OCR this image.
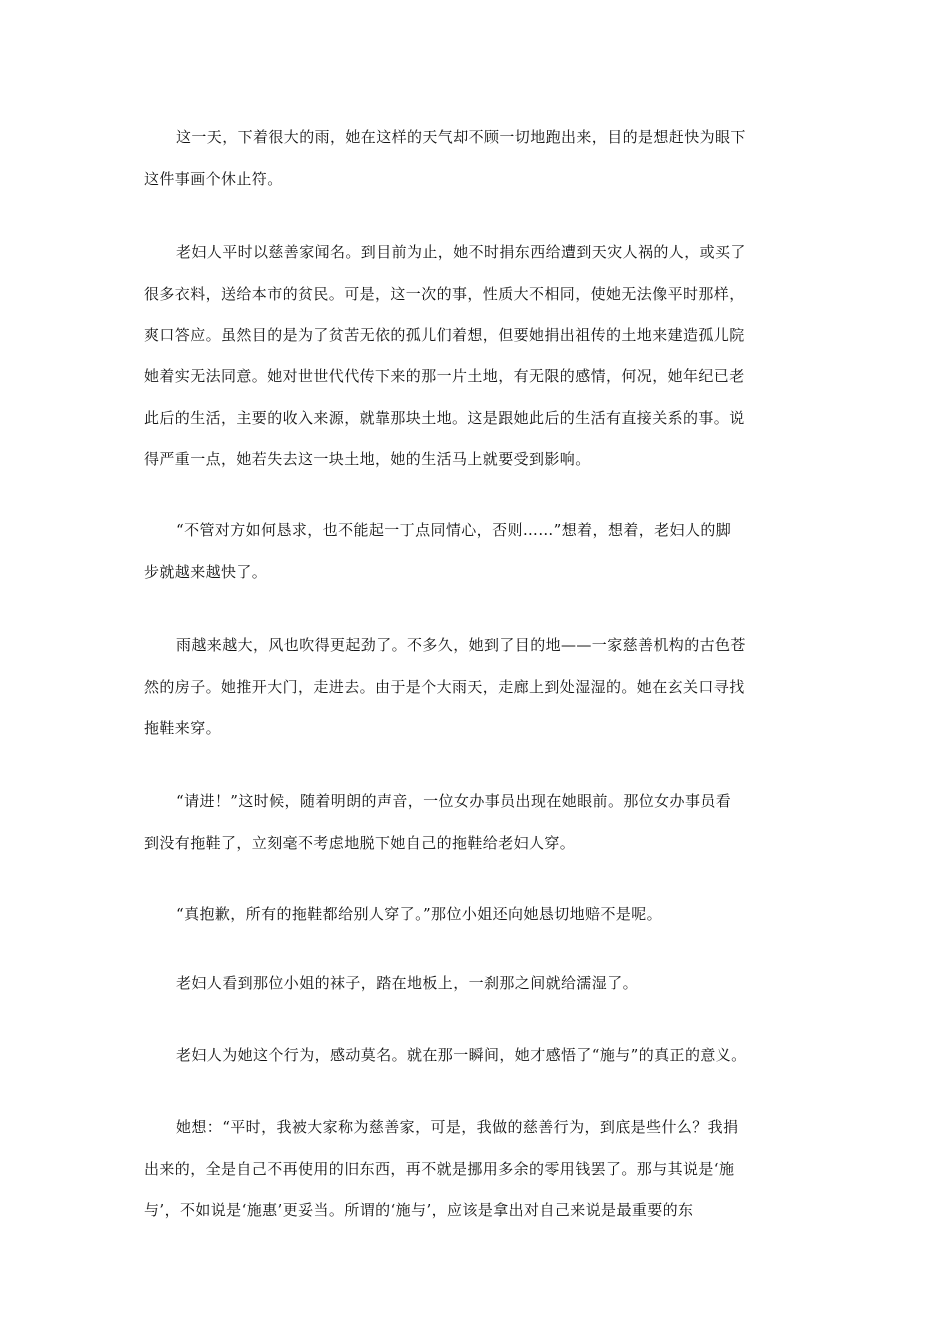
这一天，下着很大的雨，她在这样的天气却不顾一切地跑出来，目的是想赶快为眼下
这件事画个休止符。
老妇人平时以慈善家闻名。到目前为止，她不时捐东西给遭到天灾人祸的人，或买了
很多衣料，送给本市的贫民。可是，这一次的事，性质大不相同，使她无法像平时那样，
爽口答应。虽然目的是为了贫苦无依的孤儿们着想，但要她捐出祖传的土地来建造孤儿院
她着实无法同意。她对世世代代传下来的那一片土地，有无限的感情，何况，她年纪已老
此后的生活，主要的收入来源，就靠那块土地。这是跟她此后的生活有直接关系的事。说
得严重一点，她若失去这一块土地，她的生活马上就要受到影响。
“不管对方如何恳求，也不能起一丁点同情心，否则……”想着，想着，老妇人的脚
步就越来越快了。
雨越来越大，风也吹得更起劲了。不多久，她到了目的地——一家慈善机构的古色苍
然的房子。她推开大门，走进去。由于是个大雨天，走廊上到处湿湿的。她在玄关口寻找
拖鞋来穿。
“请进！”这时候，随着明朗的声音，一位女办事员出现在她眼前。那位女办事员看
到没有拖鞋了，立刻毫不考虑地脱下她自己的拖鞋给老妇人穿。
“真抱歉，所有的拖鞋都给别人穿了。”那位小姐还向她恳切地赔不是呢。
老妇人看到那位小姐的袜子，踏在地板上，一刹那之间就给濡湿了。
老妇人为她这个行为，感动莫名。就在那一瞬间，她才感悟了“施与”的真正的意义。
她想：“平时，我被大家称为慈善家，可是，我做的慈善行为，到底是些什么？我捐
出来的，全是自己不再使用的旧东西，再不就是挪用多余的零用钱罢了。那与其说是‘施
与’，不如说是‘施惠’更妥当。所谓的‘施与’，应该是拿出对自己来说是最重要的东
